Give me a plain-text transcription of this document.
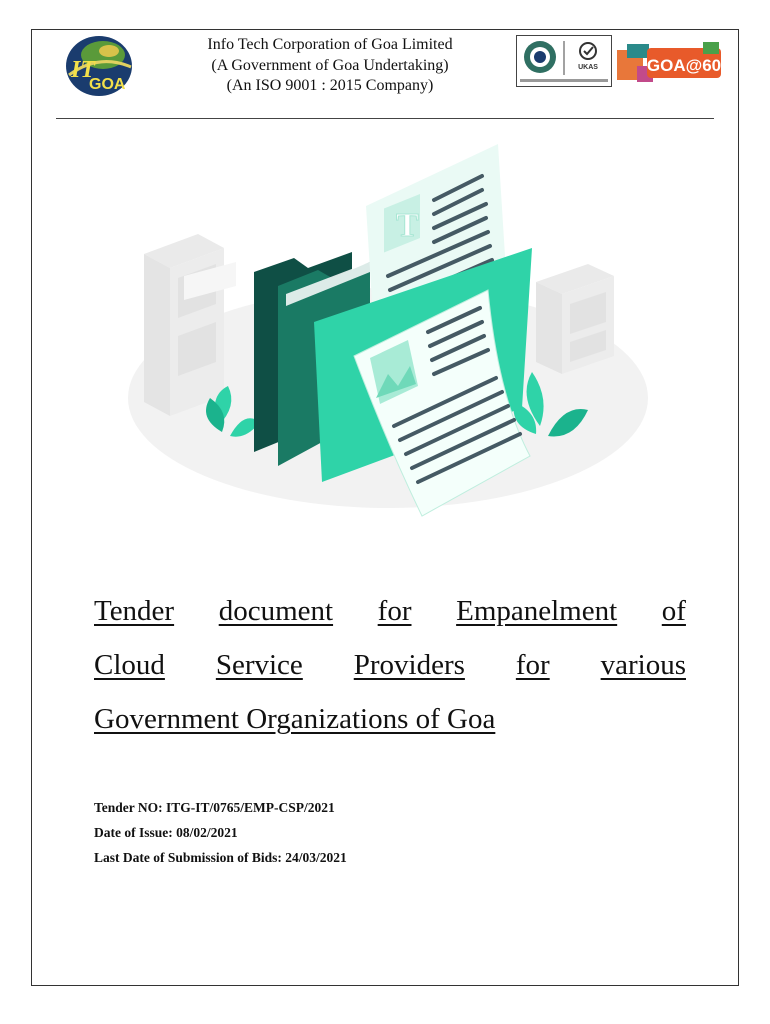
IT
GOA
Info Tech Corporation of Goa Limited
(A Government of Goa Undertaking)
(An ISO 9001 : 2015 Company)
UKAS	GOA@60
T
Tender document for Empanelment of
Cloud Service Providers for various
Government Organizations of Goa
Tender NO: ITG-IT/0765/EMP-CSP/2021
Date of Issue: 08/02/2021
Last Date of Submission of Bids: 24/03/2021
